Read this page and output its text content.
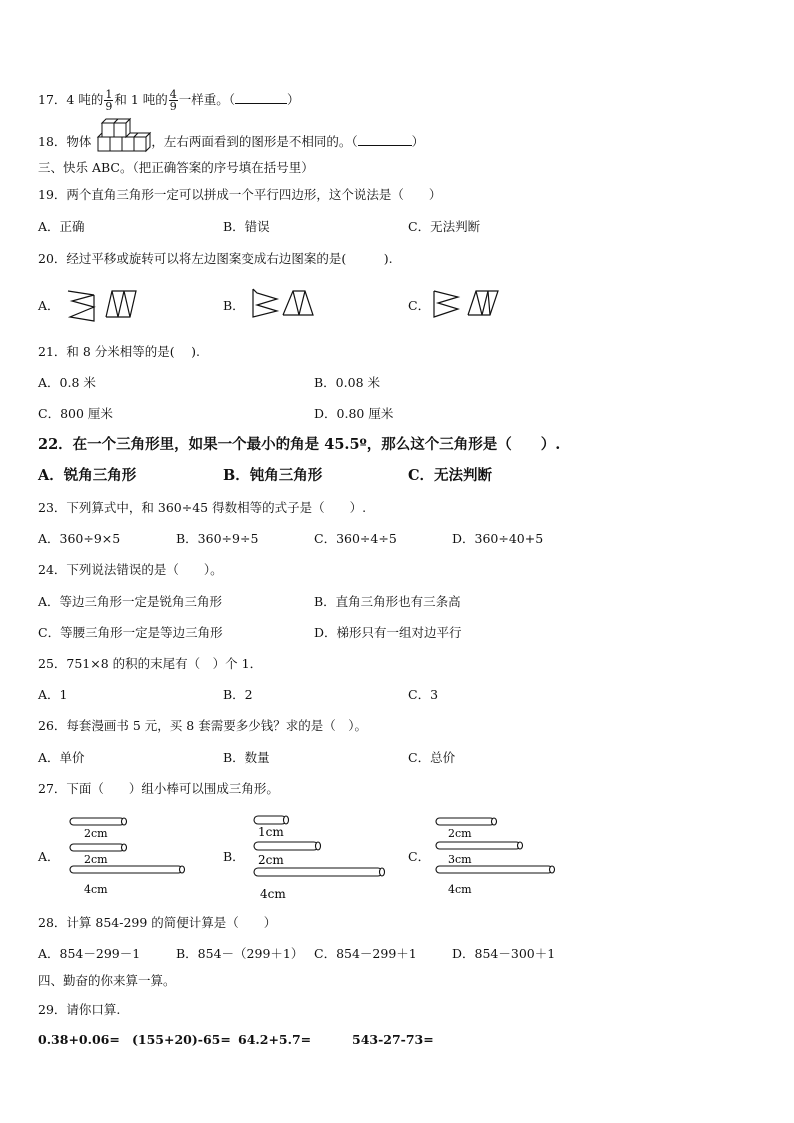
17．4 吨的 $\frac{1}{9}$ 和 1 吨的 $\frac{4}{9}$ 一样重。（	）
18．物体	，左右两面看到的图形是不相同的。（	）
三、快乐 ABC。（把正确答案的序号填在括号里）
19．两个直角三角形一定可以拼成一个平行四边形，这个说法是（　　）
A．正确	B．错误	C．无法判断
20．经过平移或旋转可以将左边图案变成右边图案的是(　　　).
A．	B．	C．
21．和 8 分米相等的是(　 ).
A．0.8 米	B．0.08 米
C．800 厘米	D．0.80 厘米
22．在一个三角形里，如果一个最小的角是 45.5º，那么这个三角形是（　　）.
A．锐角三角形	B．钝角三角形	C．无法判断
23．下列算式中，和 360÷45 得数相等的式子是（　　）.
A．360÷9×5	B．360÷9÷5	C．360÷4÷5	D．360÷40+5
24．下列说法错误的是（　　）。
A．等边三角形一定是锐角三角形	B．直角三角形也有三条高
C．等腰三角形一定是等边三角形	D．梯形只有一组对边平行
25．751×8 的积的末尾有（　）个 1．
A．1	B．2	C．3
26．每套漫画书 5 元，买 8 套需要多少钱？求的是（　）。
A．单价	B．数量	C．总价
27．下面（　　）组小棒可以围成三角形。
A．	B．	C．
2cm
2cm
4cm
1cm
2cm
4cm
2cm
3cm
4cm
28．计算 854-299 的简便计算是（　　）
A．854－299－1	B．854－（299＋1） C．854－299＋1	D．854－300＋1
四、勤奋的你来算一算。
29．请你口算.
0.38+0.06= (155+20)-65= 64.2+5.7=	543-27-73=
